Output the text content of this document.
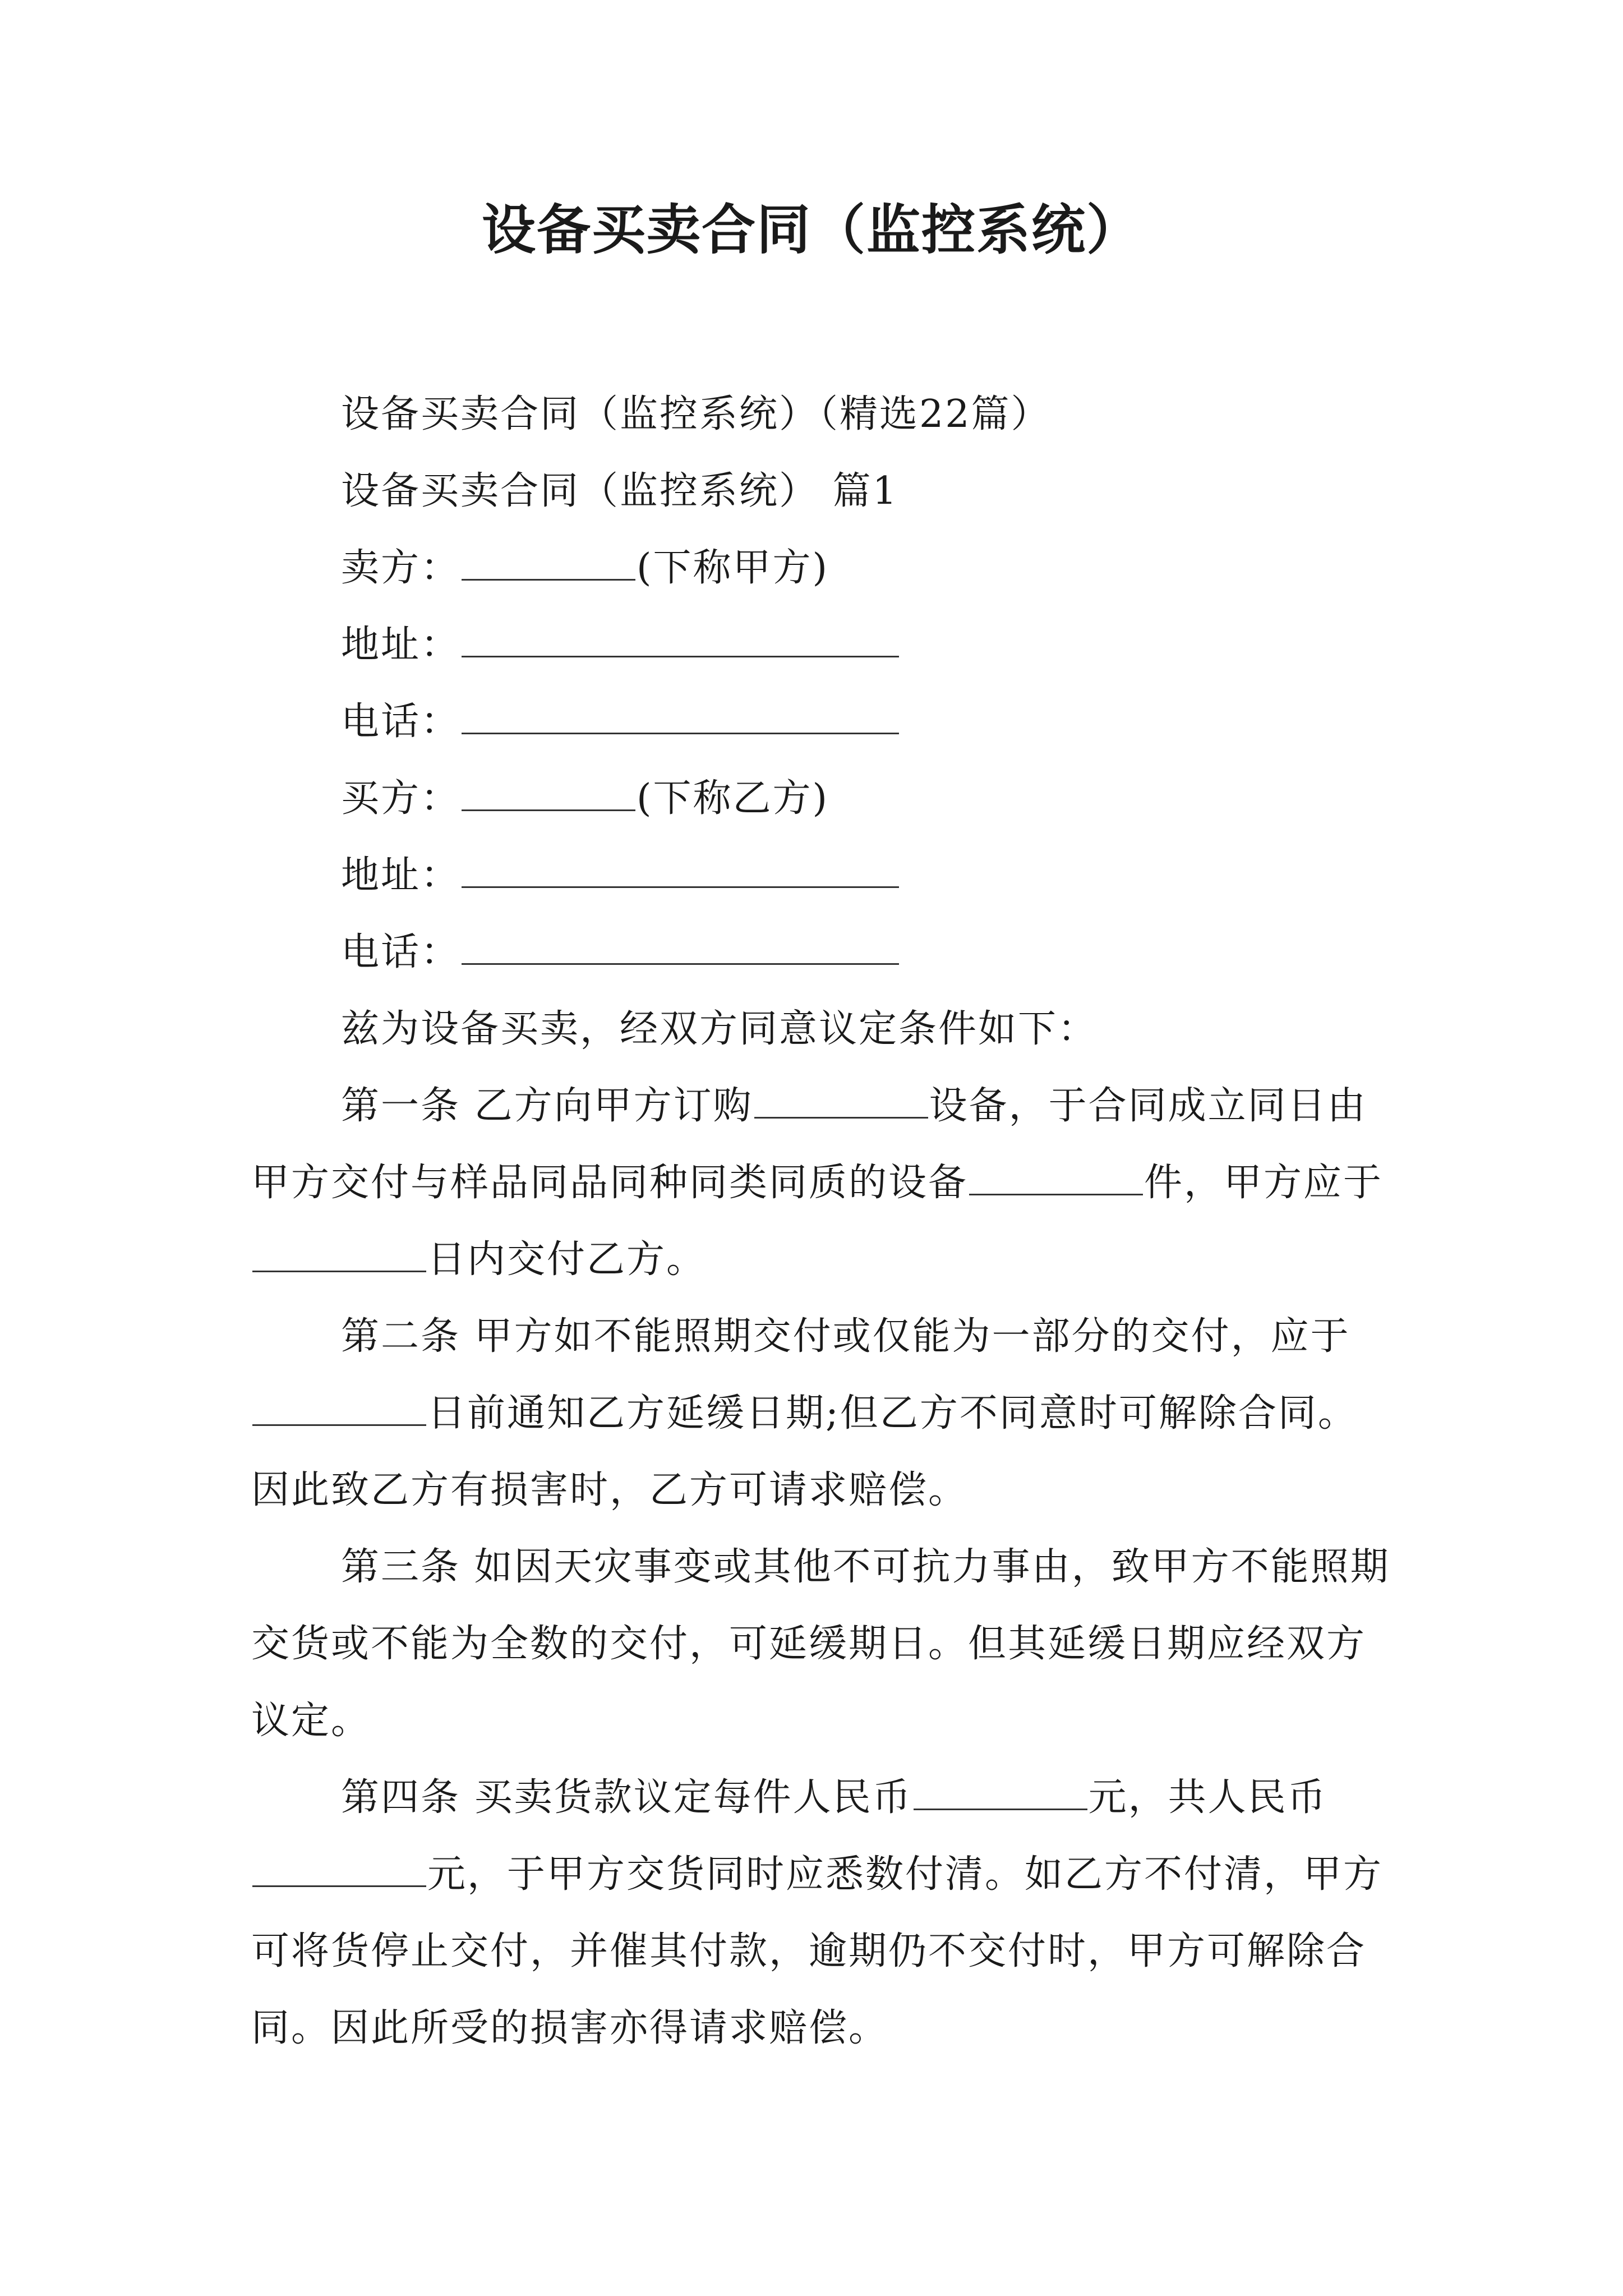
设备买卖合同（监控系统）

设备买卖合同（监控系统）（精选22篇）

设备买卖合同（监控系统） 篇1

卖方：	(下称甲方)

地址：

电话：

买方：	(下称乙方)

地址：

电话：

兹为设备买卖，经双方同意议定条件如下：

第一条 乙方向甲方订购	设备，于合同成立同日由甲方交付与样品同品同种同类同质的设备	件，甲方应于日内交付乙方。

第二条 甲方如不能照期交付或仅能为一部分的交付，应于日前通知乙方延缓日期;但乙方不同意时可解除合同。因此致乙方有损害时，乙方可请求赔偿。

第三条 如因天灾事变或其他不可抗力事由，致甲方不能照期交货或不能为全数的交付，可延缓期日。但其延缓日期应经双方议定。

第四条 买卖货款议定每件人民币	元，共人民币元，于甲方交货同时应悉数付清。如乙方不付清，甲方可将货停止交付，并催其付款，逾期仍不交付时，甲方可解除合同。因此所受的损害亦得请求赔偿。
